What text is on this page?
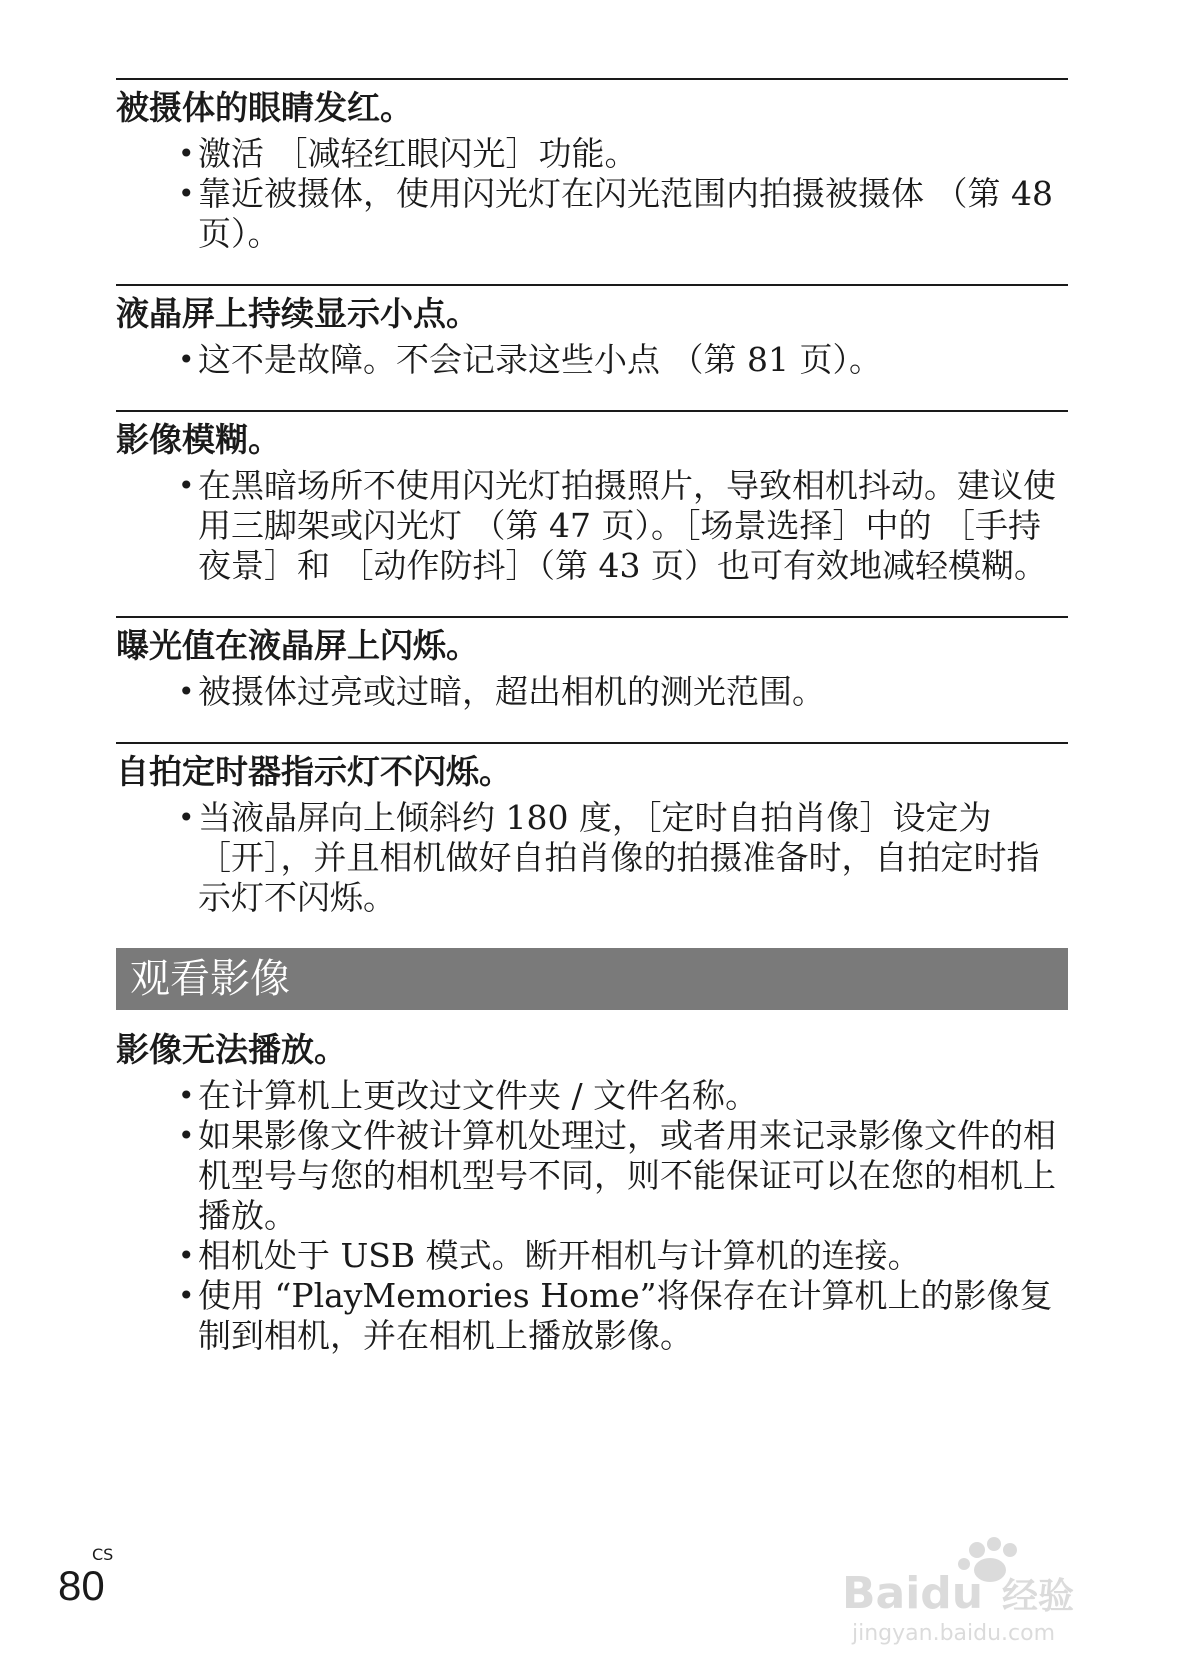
被摄体的眼睛发红。
• 激活 ［减轻红眼闪光］功能。
• 靠近被摄体，使用闪光灯在闪光范围内拍摄被摄体 （第 48 页）。
液晶屏上持续显示小点。
• 这不是故障。不会记录这些小点 （第 81 页）。
影像模糊。
• 在黑暗场所不使用闪光灯拍摄照片，导致相机抖动。建议使用三脚架或闪光灯 （第 47 页）。［场景选择］中的 ［手持夜景］和 ［动作防抖］（第 43 页）也可有效地减轻模糊。
曝光值在液晶屏上闪烁。
• 被摄体过亮或过暗，超出相机的测光范围。
自拍定时器指示灯不闪烁。
• 当液晶屏向上倾斜约 180 度，［定时自拍肖像］设定为 ［开］，并且相机做好自拍肖像的拍摄准备时，自拍定时指示灯不闪烁。
观看影像
影像无法播放。
• 在计算机上更改过文件夹 / 文件名称。
• 如果影像文件被计算机处理过，或者用来记录影像文件的相机型号与您的相机型号不同，则不能保证可以在您的相机上播放。
• 相机处于 USB 模式。断开相机与计算机的连接。
• 使用 “PlayMemories Home”将保存在计算机上的影像复制到相机，并在相机上播放影像。
CS
80	Baidu 经验
jingyan.baidu.com
